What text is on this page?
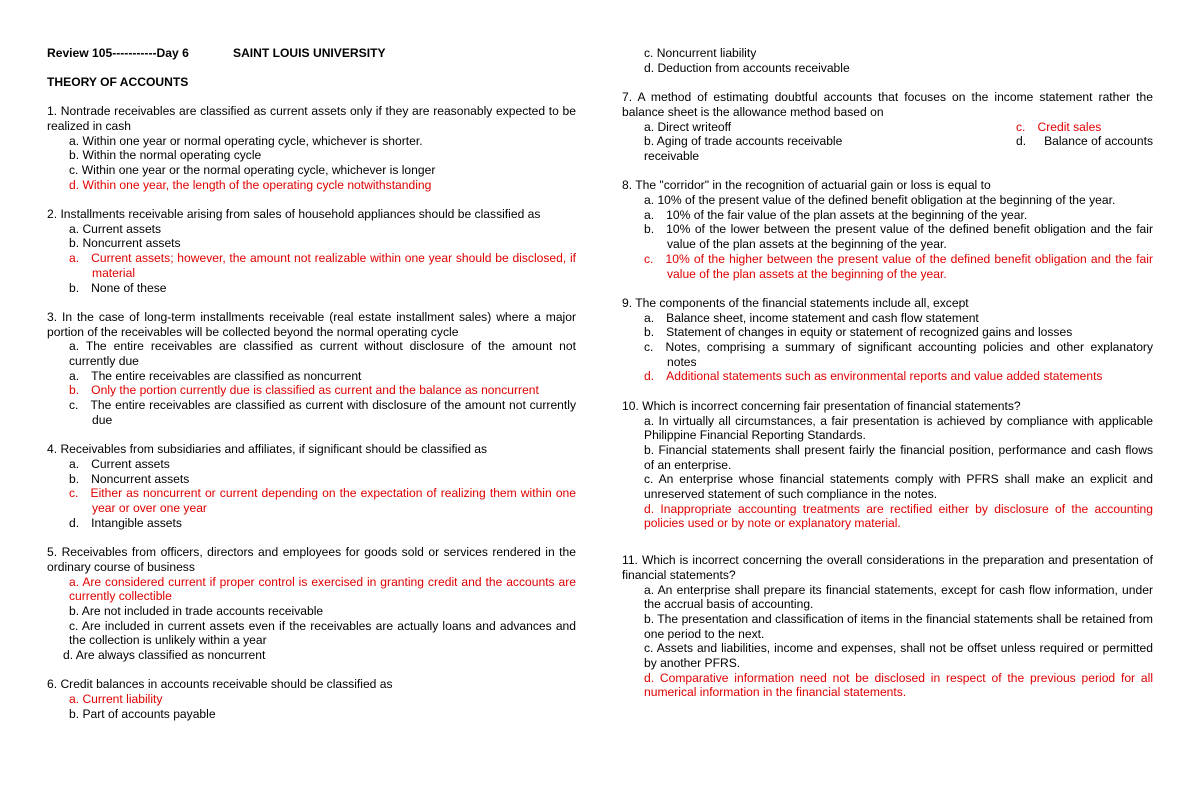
Review 105-----------Day 6	SAINT LOUIS UNIVERSITY
THEORY OF ACCOUNTS
1. Nontrade receivables are classified as current assets only if they are reasonably expected to be realized in cash
a. Within one year or normal operating cycle, whichever is shorter.
b. Within the normal operating cycle
c. Within one year or the normal operating cycle, whichever is longer
d. Within one year, the length of the operating cycle notwithstanding
2. Installments receivable arising from sales of household appliances should be classified as
a. Current assets
b. Noncurrent assets
a. Current assets; however, the amount not realizable within one year should be disclosed, if material
b. None of these
3. In the case of long-term installments receivable (real estate installment sales) where a major portion of the receivables will be collected beyond the normal operating cycle
a. The entire receivables are classified as current without disclosure of the amount not currently due
a. The entire receivables are classified as noncurrent
b. Only the portion currently due is classified as current and the balance as noncurrent
c. The entire receivables are classified as current with disclosure of the amount not currently due
4. Receivables from subsidiaries and affiliates, if significant should be classified as
a. Current assets
b. Noncurrent assets
c. Either as noncurrent or current depending on the expectation of realizing them within one year or over one year
d. Intangible assets
5. Receivables from officers, directors and employees for goods sold or services rendered in the ordinary course of business
a. Are considered current if proper control is exercised in granting credit and the accounts are currently collectible
b. Are not included in trade accounts receivable
c. Are included in current assets even if the receivables are actually loans and advances and the collection is unlikely within a year
d. Are always classified as noncurrent
6. Credit balances in accounts receivable should be classified as
a. Current liability
b. Part of accounts payable
c. Noncurrent liability
d. Deduction from accounts receivable
7. A method of estimating doubtful accounts that focuses on the income statement rather the balance sheet is the allowance method based on
a. Direct writeoff	c. Credit sales
b. Aging of trade accounts receivable	d. Balance of accounts
receivable
8. The "corridor" in the recognition of actuarial gain or loss is equal to
a. 10% of the present value of the defined benefit obligation at the beginning of the year.
a. 10% of the fair value of the plan assets at the beginning of the year.
b. 10% of the lower between the present value of the defined benefit obligation and the fair value of the plan assets at the beginning of the year.
c. 10% of the higher between the present value of the defined benefit obligation and the fair value of the plan assets at the beginning of the year.
9. The components of the financial statements include all, except
a. Balance sheet, income statement and cash flow statement
b. Statement of changes in equity or statement of recognized gains and losses
c. Notes, comprising a summary of significant accounting policies and other explanatory notes
d. Additional statements such as environmental reports and value added statements
10. Which is incorrect concerning fair presentation of financial statements?
a. In virtually all circumstances, a fair presentation is achieved by compliance with applicable Philippine Financial Reporting Standards.
b. Financial statements shall present fairly the financial position, performance and cash flows of an enterprise.
c. An enterprise whose financial statements comply with PFRS shall make an explicit and unreserved statement of such compliance in the notes.
d. Inappropriate accounting treatments are rectified either by disclosure of the accounting policies used or by note or explanatory material.
11. Which is incorrect concerning the overall considerations in the preparation and presentation of financial statements?
a. An enterprise shall prepare its financial statements, except for cash flow information, under the accrual basis of accounting.
b. The presentation and classification of items in the financial statements shall be retained from one period to the next.
c. Assets and liabilities, income and expenses, shall not be offset unless required or permitted by another PFRS.
d. Comparative information need not be disclosed in respect of the previous period for all numerical information in the financial statements.
